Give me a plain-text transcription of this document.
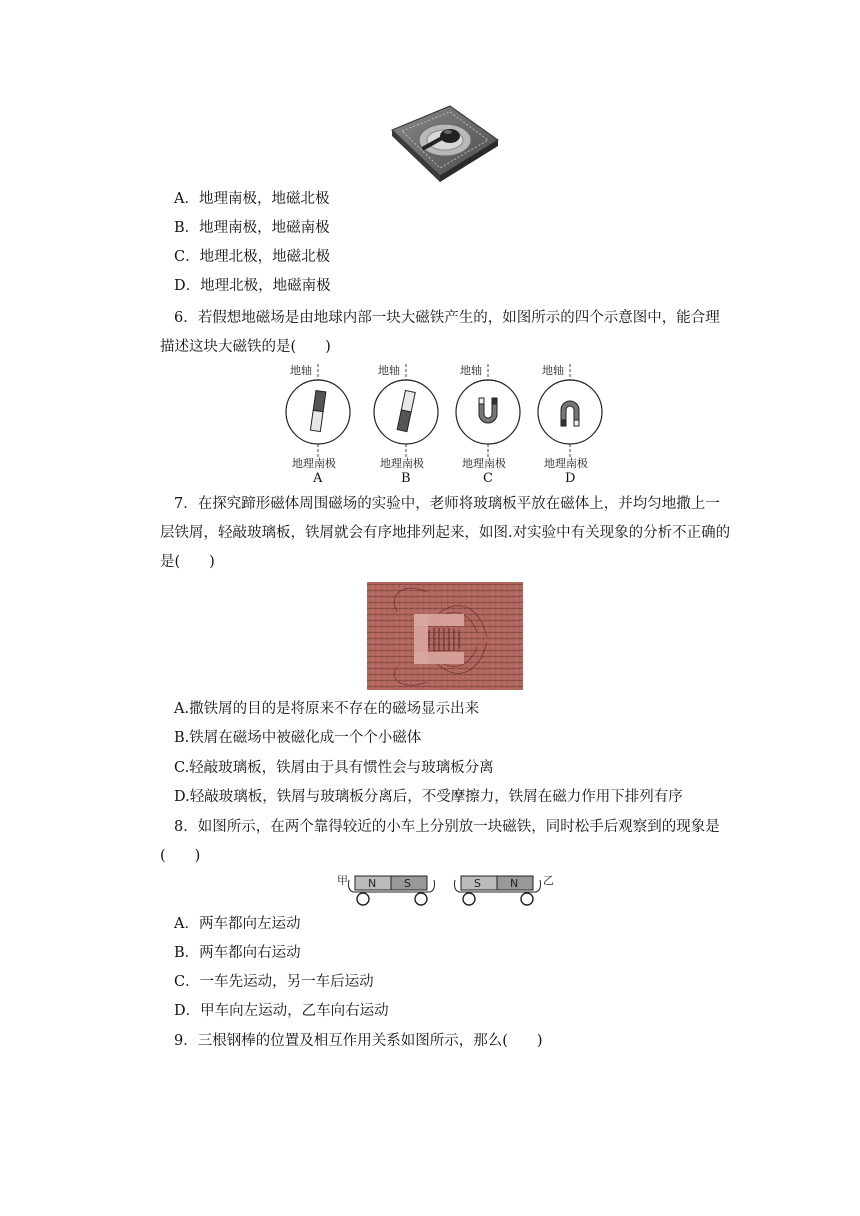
A．地理南极，地磁北极
B．地理南极，地磁南极
C．地理北极，地磁北极
D．地理北极，地磁南极
6．若假想地磁场是由地球内部一块大磁铁产生的，如图所示的四个示意图中，能合理
描述这块大磁铁的是(　　)
地轴
地理南极
A
地轴
地理南极
B
地轴
地理南极
C
地轴
地理南极
D
7．在探究蹄形磁体周围磁场的实验中，老师将玻璃板平放在磁体上，并均匀地撒上一
层铁屑，轻敲玻璃板，铁屑就会有序地排列起来，如图.对实验中有关现象的分析不正确的
是(　　)
A.撒铁屑的目的是将原来不存在的磁场显示出来
B.铁屑在磁场中被磁化成一个个小磁体
C.轻敲玻璃板，铁屑由于具有惯性会与玻璃板分离
D.轻敲玻璃板，铁屑与玻璃板分离后，不受摩擦力，铁屑在磁力作用下排列有序
8．如图所示，在两个靠得较近的小车上分别放一块磁铁，同时松手后观察到的现象是
(　　)
甲 N	S	S	N 乙
A．两车都向左运动
B．两车都向右运动
C．一车先运动，另一车后运动
D．甲车向左运动，乙车向右运动
9．三根钢棒的位置及相互作用关系如图所示，那么(　　)
